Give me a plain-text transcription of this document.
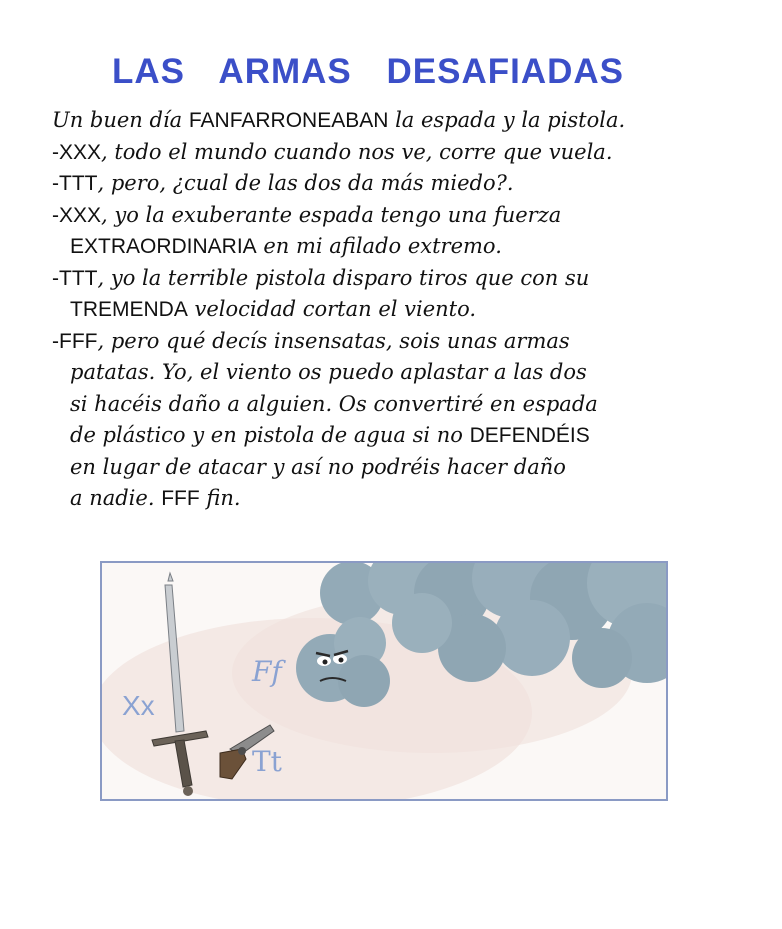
LAS ARMAS DESAFIADAS
Un buen día FANFARRONEABAN la espada y la pistola.
-XXX, todo el mundo cuando nos ve, corre que vuela.
-TTT, pero, ¿cual de las dos da más miedo?.
-XXX, yo la exuberante espada tengo una fuerza
EXTRAORDINARIA en mi afilado extremo.
-TTT, yo la terrible pistola disparo tiros que con su
TREMENDA velocidad cortan el viento.
-FFF, pero qué decís insensatas, sois unas armas
patatas. Yo, el viento os puedo aplastar a las dos
si hacéis daño a alguien. Os convertiré en espada
de plástico y en pistola de agua si no DEFENDÉIS
en lugar de atacar y así no podréis hacer daño
a nadie. FFF fin.
Xx
Ff
Tt
